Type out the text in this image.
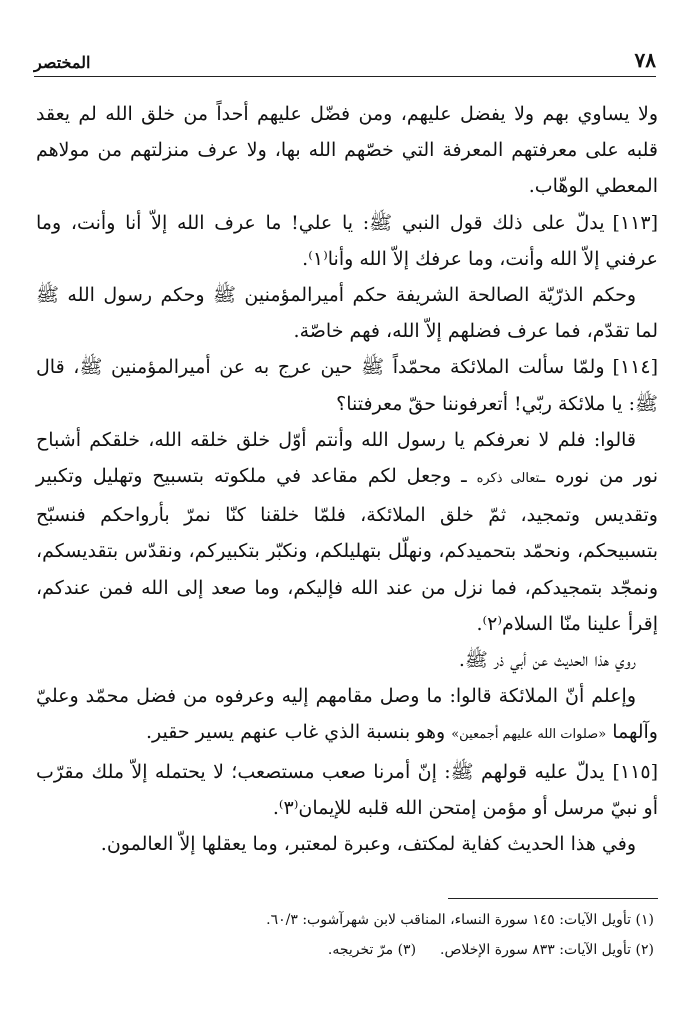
المختصر	٧٨

ولا يساوي بهم ولا يفضل عليهم، ومن فضّل عليهم أحداً من خلق الله لم يعقد قلبه على معرفتهم المعرفة التي خصّهم الله بها، ولا عرف منزلتهم من مولاهم المعطي الوهّاب.

[١١٣]يدلّ على ذلك قول النبي ﷺ: يا علي! ما عرف الله إلاّ أنا وأنت، وما عرفني إلاّ الله وأنت، وما عرفك إلاّ الله وأنا⁽١⁾.

وحكم الذرّيّة الصالحة الشريفة حكم أميرالمؤمنين ﷺ وحكم رسول الله ﷺ لما تقدّم، فما عرف فضلهم إلاّ الله، فهم خاصّة.

[١١٤]ولمّا سألت الملائكة محمّداً ﷺ حين عرج به عن أميرالمؤمنين ﷺ، قال ﷺ: يا ملائكة ربّي! أتعرفوننا حقّ معرفتنا؟

قالوا: فلم لا نعرفكم يا رسول الله وأنتم أوّل خلق خلقه الله، خلقكم أشباح نور من نوره ـتعالى ذكره ـ وجعل لكم مقاعد في ملكوته بتسبيح وتهليل وتكبير وتقديس وتمجيد، ثمّ خلق الملائكة، فلمّا خلقنا كنّا نمرّ بأرواحكم فنسبّح بتسبيحكم، ونحمّد بتحميدكم، ونهلّل بتهليلكم، ونكبّر بتكبيركم، ونقدّس بتقديسكم، ونمجّد بتمجيدكم، فما نزل من عند الله فإليكم، وما صعد إلى الله فمن عندكم، إقرأ علينا منّا السلام⁽٢⁾.

روي هذا الحديث عن أبي ذر ﷺ.

وإعلم أنّ الملائكة قالوا: ما وصل مقامهم إليه وعرفوه من فضل محمّد وعليّ وآلهما «صلوات الله عليهم أجمعين» وهو بنسبة الذي غاب عنهم يسير حقير.

[١١٥]يدلّ عليه قولهم ﷺ: إنّ أمرنا صعب مستصعب؛ لا يحتمله إلاّ ملك مقرّب أو نبيّ مرسل أو مؤمن إمتحن الله قلبه للإيمان⁽٣⁾.

وفي هذا الحديث كفاية لمكتف، وعبرة لمعتبر، وما يعقلها إلاّ العالمون.

(١) تأويل الآيات: ١٤٥ سورة النساء، المناقب لابن شهرآشوب: ٦٠/٣.

(٢) تأويل الآيات: ٨٣٣ سورة الإخلاص.(٣) مرّ تخريجه.
